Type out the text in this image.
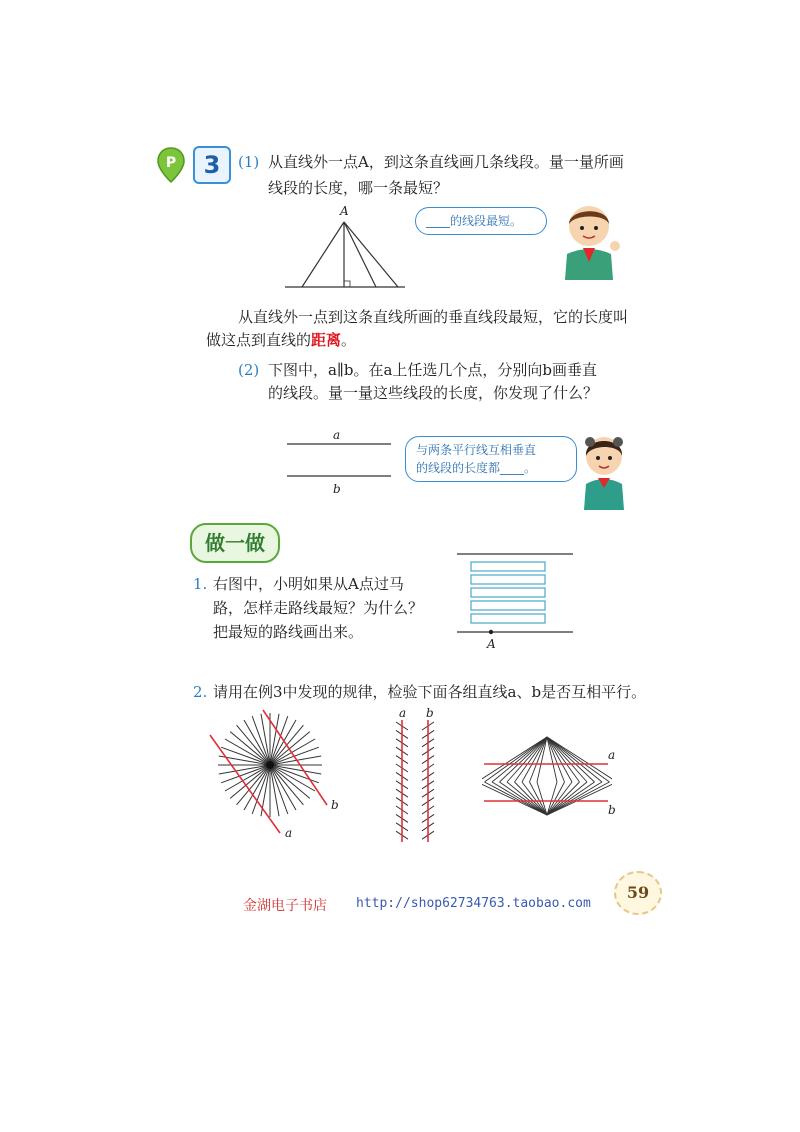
P	3	(1) 从直线外一点A，到这条直线画几条线段。量一量所画
线段的长度，哪一条最短？
A
____的线段最短。
从直线外一点到这条直线所画的垂直线段最短，它的长度叫
做这点到直线的距离。
(2) 下图中，a∥b。在a上任选几个点，分别向b画垂直
的线段。量一量这些线段的长度，你发现了什么？
a
b
与两条平行线互相垂直
的线段的长度都____。
做一做
1. 右图中，小明如果从A点过马
路，怎样走路线最短？为什么？
把最短的路线画出来。
A
2. 请用在例3中发现的规律，检验下面各组直线a、b是否互相平行。
a
b
a b
a
b
金湖电子书店 http://shop62734763.taobao.com
59
